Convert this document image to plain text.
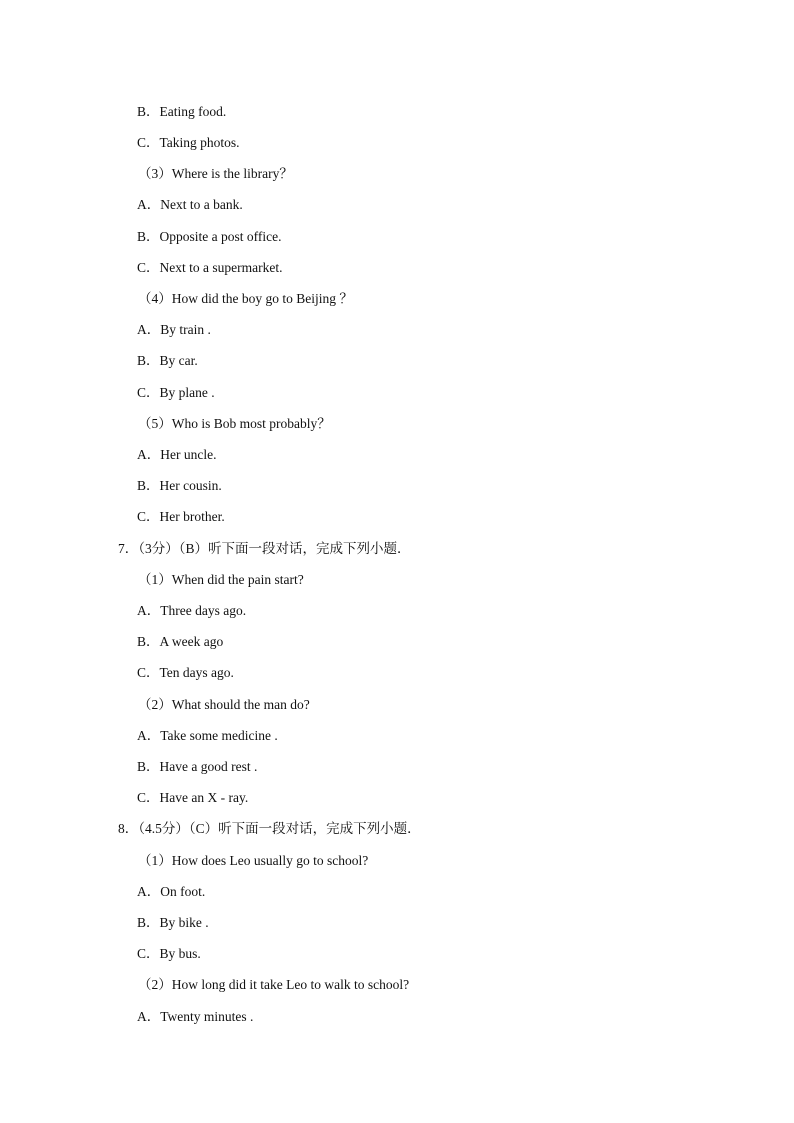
B．Eating food.

C．Taking photos.

（3）Where is the library？

A．Next to a bank.

B．Opposite a post office.

C．Next to a supermarket.

（4）How did the boy go to Beijing ？

A．By train .

B．By car.

C．By plane .

（5）Who is Bob most probably？

A．Her uncle.

B．Her cousin.

C．Her brother.

7．（3分）（B）听下面一段对话，完成下列小题．

（1）When did the pain start?

A．Three days ago.

B．A week ago

C．Ten days ago.

（2）What should the man do?

A．Take some medicine .

B．Have a good rest .

C．Have an X - ray.

8．（4.5分）（C）听下面一段对话，完成下列小题．

（1）How does Leo usually go to school?

A．On foot.

B．By bike .

C．By bus.

（2）How long did it take Leo to walk to school?

A．Twenty minutes .
